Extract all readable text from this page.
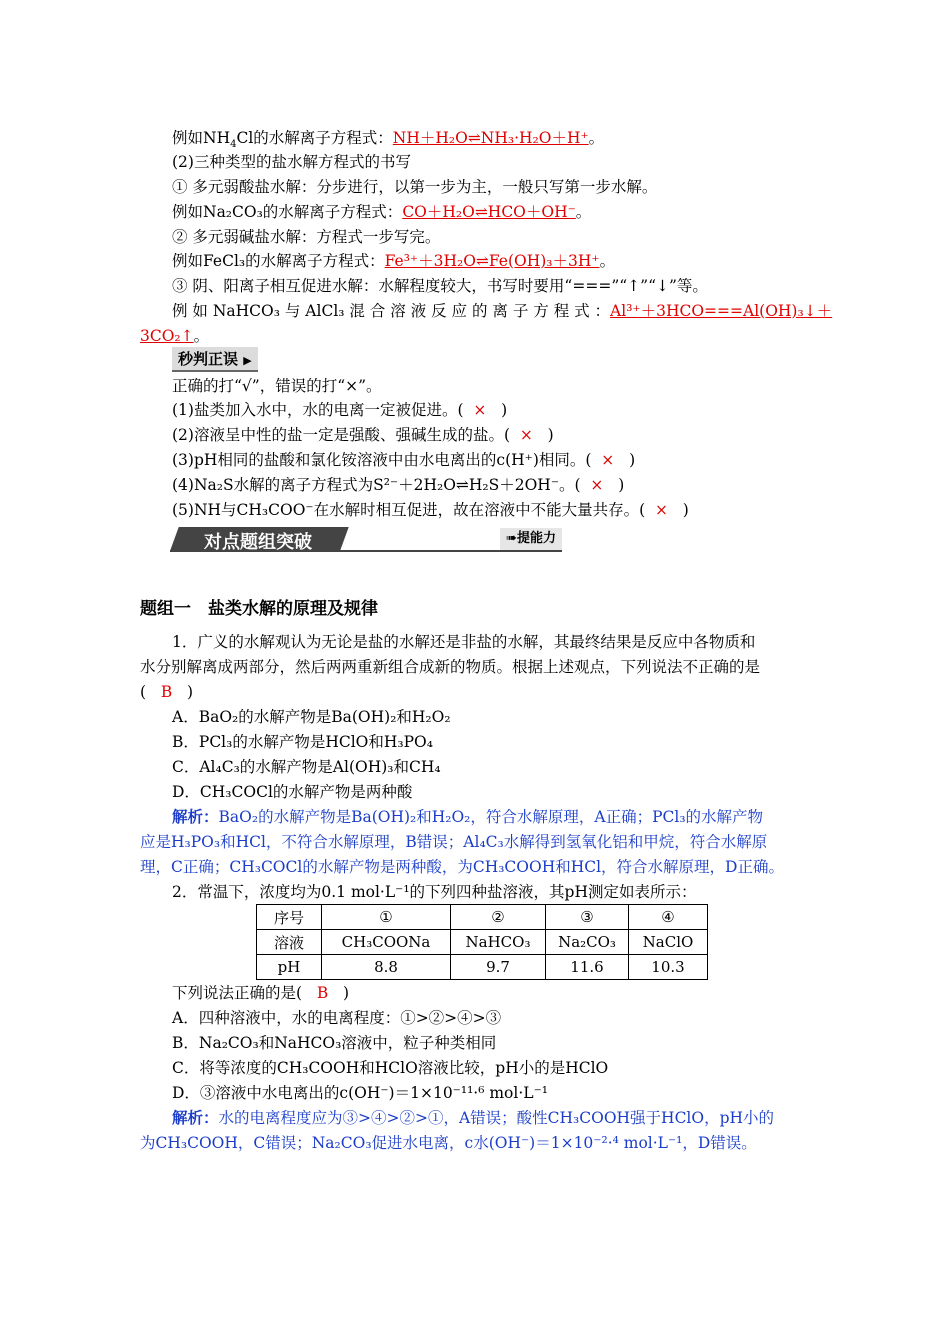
例如$NH_4Cl$的水解离子方程式：NH＋H₂O⇌NH₃·H₂O＋H⁺。
(2)三种类型的盐水解方程式的书写
① 多元弱酸盐水解：分步进行，以第一步为主，一般只写第一步水解。
例如Na₂CO₃的水解离子方程式：CO＋H₂O⇌HCO＋OH⁻。
② 多元弱碱盐水解：方程式一步写完。
例如FeCl₃的水解离子方程式：Fe³⁺＋3H₂O⇌Fe(OH)₃＋3H⁺。
③ 阴、阳离子相互促进水解：水解程度较大，书写时要用“===”“↑”“↓”等。
例 如 NaHCO₃ 与 AlCl₃ 混 合 溶 液 反 应 的 离 子 方 程 式 ：Al³⁺＋3HCO===Al(OH)₃↓＋
3CO₂↑。
秒判正误 ▶
正确的打“√”，错误的打“×”。
(1)盐类加入水中，水的电离一定被促进。( × )
(2)溶液呈中性的盐一定是强酸、强碱生成的盐。( × )
(3)pH相同的盐酸和氯化铵溶液中由水电离出的c(H⁺)相同。( × )
(4)Na₂S水解的离子方程式为S²⁻＋2H₂O⇌H₂S＋2OH⁻。( × )
(5)NH与CH₃COO⁻在水解时相互促进，故在溶液中不能大量共存。( × )
对点题组突破	➠提能力
题组一　盐类水解的原理及规律
1．广义的水解观认为无论是盐的水解还是非盐的水解，其最终结果是反应中各物质和
水分别解离成两部分，然后两两重新组合成新的物质。根据上述观点，下列说法不正确的是
( B )
A．BaO₂的水解产物是Ba(OH)₂和H₂O₂
B．PCl₃的水解产物是HClO和H₃PO₄
C．Al₄C₃的水解产物是Al(OH)₃和CH₄
D．CH₃COCl的水解产物是两种酸
解析：BaO₂的水解产物是Ba(OH)₂和H₂O₂，符合水解原理，A正确；PCl₃的水解产物
应是H₃PO₃和HCl，不符合水解原理，B错误；Al₄C₃水解得到氢氧化铝和甲烷，符合水解原
理，C正确；CH₃COCl的水解产物是两种酸，为CH₃COOH和HCl，符合水解原理，D正确。
2．常温下，浓度均为0.1 mol·L⁻¹的下列四种盐溶液，其pH测定如表所示：
序号	①	②	③	④
溶液	CH₃COONa	NaHCO₃	Na₂CO₃	NaClO
pH	8.8	9.7	11.6	10.3
下列说法正确的是( B )
A．四种溶液中，水的电离程度：①>②>④>③
B．Na₂CO₃和NaHCO₃溶液中，粒子种类相同
C．将等浓度的CH₃COOH和HClO溶液比较，pH小的是HClO
D．③溶液中水电离出的c(OH⁻)＝1×10⁻¹¹·⁶ mol·L⁻¹
解析：水的电离程度应为③>④>②>①，A错误；酸性CH₃COOH强于HClO，pH小的
为CH₃COOH，C错误；Na₂CO₃促进水电离，c水(OH⁻)＝1×10⁻²·⁴ mol·L⁻¹，D错误。
